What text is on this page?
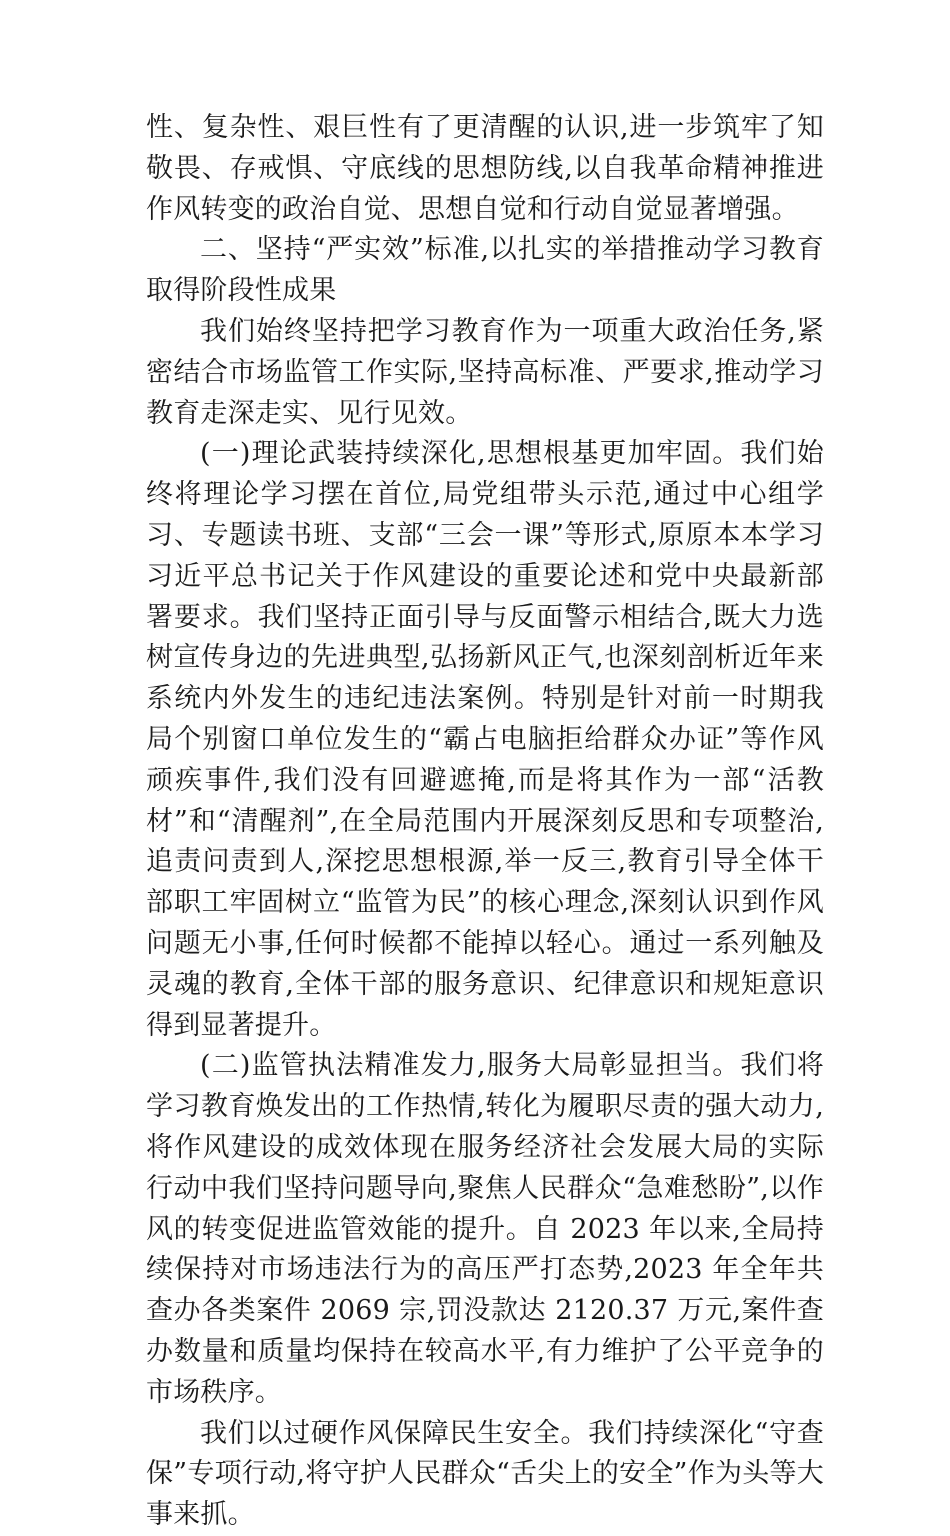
性、复杂性、艰巨性有了更清醒的认识,进一步筑牢了知敬畏、存戒惧、守底线的思想防线,以自我革命精神推进作风转变的政治自觉、思想自觉和行动自觉显著增强。

二、坚持“严实效”标准,以扎实的举措推动学习教育取得阶段性成果

我们始终坚持把学习教育作为一项重大政治任务,紧密结合市场监管工作实际,坚持高标准、严要求,推动学习教育走深走实、见行见效。

(一)理论武装持续深化,思想根基更加牢固。我们始终将理论学习摆在首位,局党组带头示范,通过中心组学习、专题读书班、支部“三会一课”等形式,原原本本学习习近平总书记关于作风建设的重要论述和党中央最新部署要求。我们坚持正面引导与反面警示相结合,既大力选树宣传身边的先进典型,弘扬新风正气,也深刻剖析近年来系统内外发生的违纪违法案例。特别是针对前一时期我局个别窗口单位发生的“霸占电脑拒给群众办证”等作风顽疾事件,我们没有回避遮掩,而是将其作为一部“活教材”和“清醒剂”,在全局范围内开展深刻反思和专项整治,追责问责到人,深挖思想根源,举一反三,教育引导全体干部职工牢固树立“监管为民”的核心理念,深刻认识到作风问题无小事,任何时候都不能掉以轻心。通过一系列触及灵魂的教育,全体干部的服务意识、纪律意识和规矩意识得到显著提升。

(二)监管执法精准发力,服务大局彰显担当。我们将学习教育焕发出的工作热情,转化为履职尽责的强大动力,将作风建设的成效体现在服务经济社会发展大局的实际行动中我们坚持问题导向,聚焦人民群众“急难愁盼”,以作风的转变促进监管效能的提升。自 2023 年以来,全局持续保持对市场违法行为的高压严打态势,2023 年全年共查办各类案件 2069 宗,罚没款达 2120.37 万元,案件查办数量和质量均保持在较高水平,有力维护了公平竞争的市场秩序。

我们以过硬作风保障民生安全。我们持续深化“守查保”专项行动,将守护人民群众“舌尖上的安全”作为头等大事来抓。
